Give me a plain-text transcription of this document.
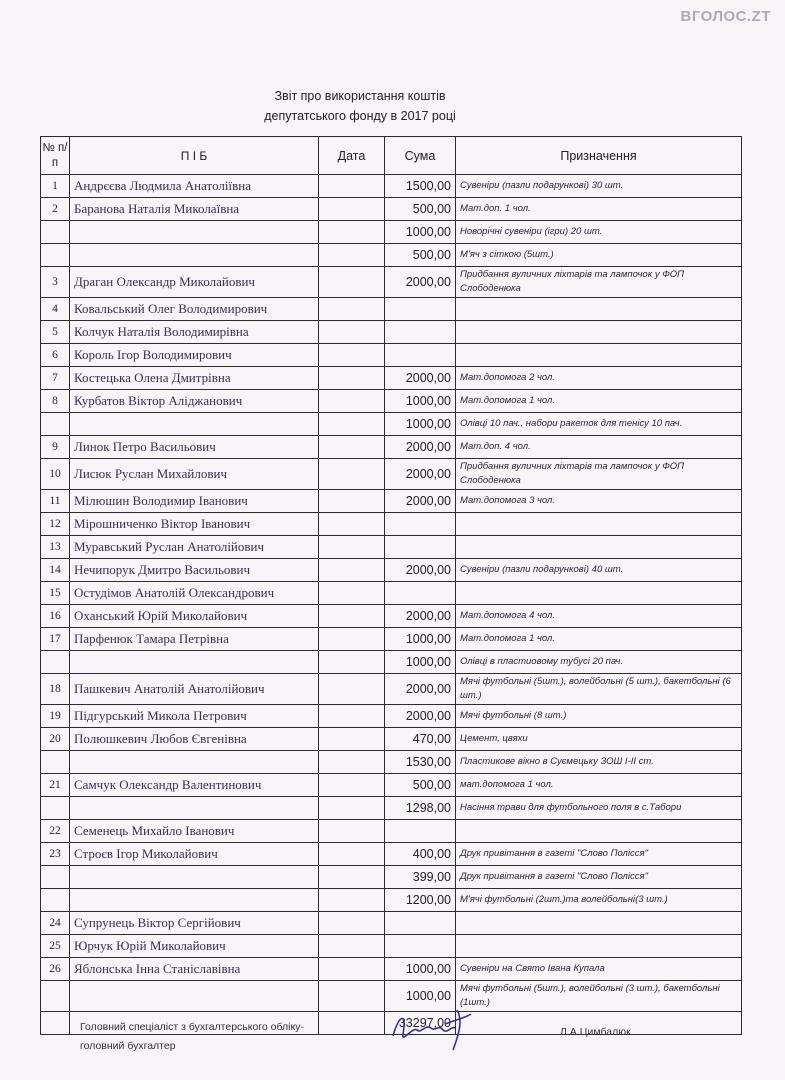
ВГОЛОС.ZT
Звіт про використання коштів
депутатського фонду в 2017 році
№ п/п	П І Б	Дата	Сума	Призначення
1	Андрєєва Людмила Анатоліївна		1500,00	Сувеніри (пазли подарункові) 30 шт.
2	Баранова Наталія Миколаївна		500,00	Мат.доп. 1 чол.
			1000,00	Новорічні сувеніри (ігри) 20 шт.
			500,00	М'яч з сіткою (5шт.)
3	Драган Олександр Миколайович		2000,00	Придбання вуличних ліхтарів та лампочок у ФОП Слободенюка
4	Ковальський Олег Володимирович			
5	Колчук Наталія Володимирівна			
6	Король Ігор Володимирович			
7	Костецька Олена Дмитрівна		2000,00	Мат.допомога 2 чол.
8	Курбатов Віктор Аліджанович		1000,00	Мат.допомога 1 чол.
			1000,00	Олівці 10 пач., набори ракеток для тенісу 10 пач.
9	Линок Петро Васильович		2000,00	Мат.доп. 4 чол.
10	Лисюк Руслан Михайлович		2000,00	Придбання вуличних ліхтарів та лампочок у ФОП Слободенюка
11	Мілюшин Володимир Іванович		2000,00	Мат.допомога 3 чол.
12	Мірошниченко Віктор Іванович			
13	Муравський Руслан Анатолійович			
14	Нечипорук Дмитро Васильович		2000,00	Сувеніри (пазли подарункові) 40 шт.
15	Остудімов Анатолій Олександрович			
16	Оханський Юрій Миколайович		2000,00	Мат.допомога 4 чол.
17	Парфенюк Тамара Петрівна		1000,00	Мат.допомога 1 чол.
			1000,00	Олівці в пластиовому тубусі 20 пач.
18	Пашкевич Анатолій Анатолійович		2000,00	Мячі футбольні (5шт.), волейбольні (5 шт.), бакетбольні (6 шт.)
19	Підгурський Микола Петрович		2000,00	Мячі футбольні (8 шт.)
20	Полюшкевич Любов Євгенівна		470,00	Цемент, цвяхи
			1530,00	Пластикове вікно в Суємецьку ЗОШ І-ІІ ст.
21	Самчук Олександр Валентинович		500,00	мат.допомога 1 чол.
			1298,00	Насіння трави для футбольного поля в с.Табори
22	Семенець Михайло Іванович			
23	Строєв Ігор Миколайович		400,00	Друк привітання в газеті "Слово Полісся"
			399,00	Друк привітання в газеті "Слово Полісся"
			1200,00	М'ячі футбольні (2шт.)та волейбольні(3 шт.)
24	Супрунець Віктор Сергійович			
25	Юрчук Юрій Миколайович			
26	Яблонська Інна Станіславівна		1000,00	Сувеніри на Свято Івана Купала
			1000,00	Мячі футбольні (5шт.), волейбольні (3 шт.), бакетбольні (1шт.)
			33297,00	
Головний спеціаліст з бухгалтерського обліку-
головний бухгалтер
Л.А.Цимбалюк
